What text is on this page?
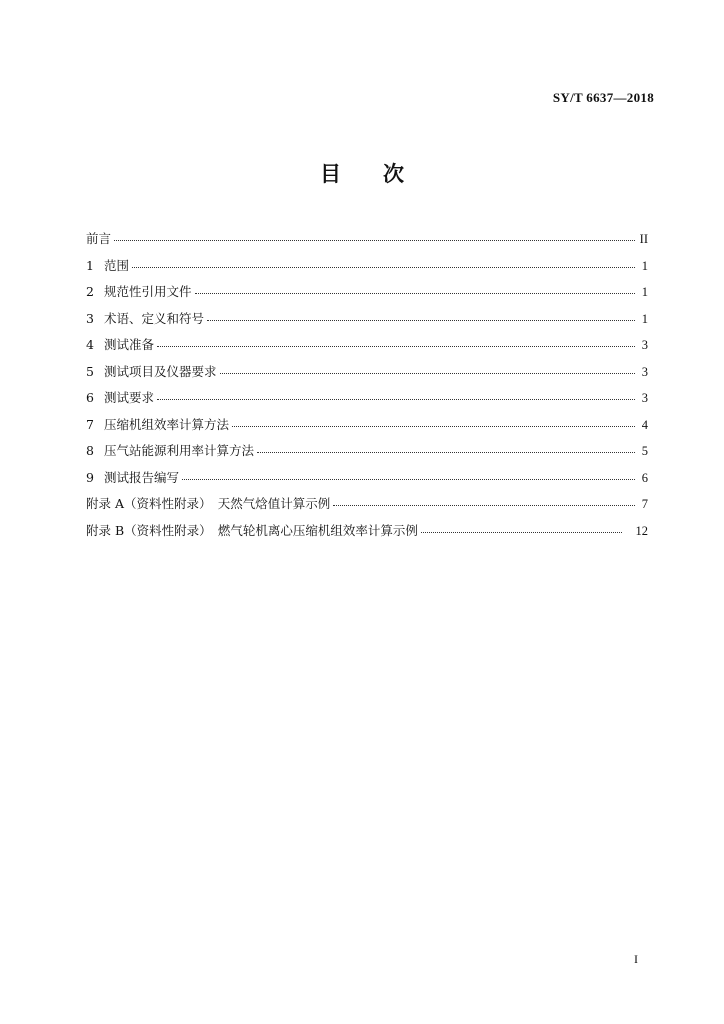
SY/T 6637—2018
目　　次
前言	II
1 范围	1
2 规范性引用文件	1
3 术语、定义和符号	1
4 测试准备	3
5 测试项目及仪器要求	3
6 测试要求	3
7 压缩机组效率计算方法	4
8 压气站能源利用率计算方法	5
9 测试报告编写	6
附录 A（资料性附录）　天然气焓值计算示例	7
附录 B（资料性附录）　燃气轮机离心压缩机组效率计算示例	12
I
